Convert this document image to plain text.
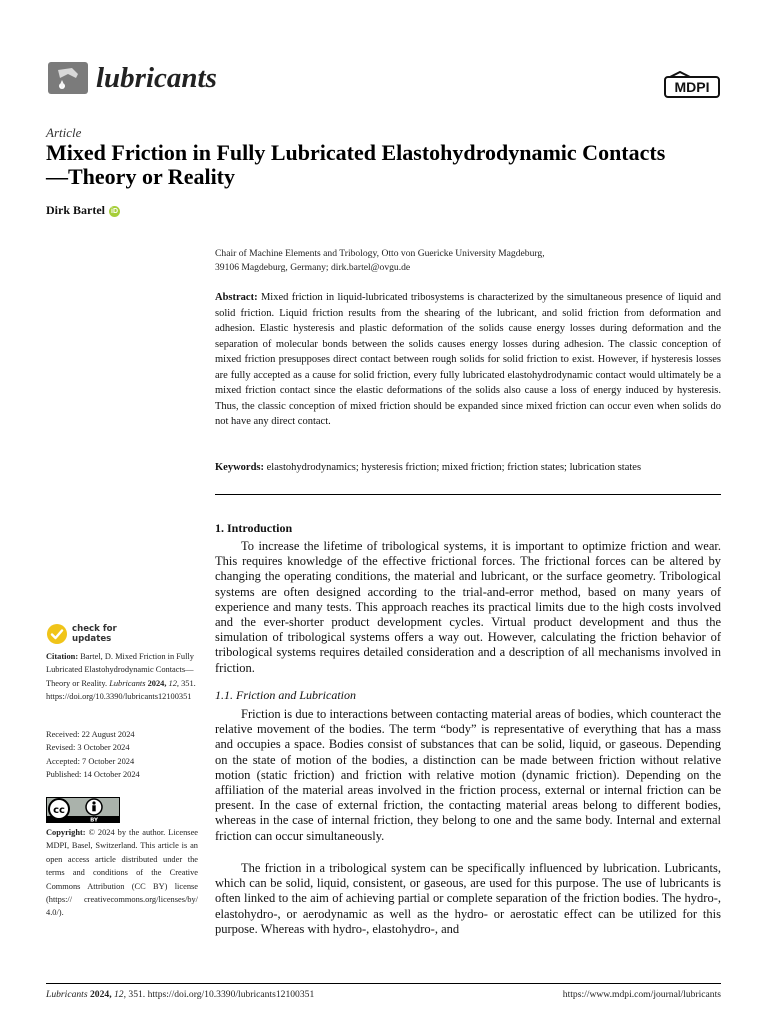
lubricants	MDPI
Article
Mixed Friction in Fully Lubricated Elastohydrodynamic Contacts—Theory or Reality
Dirk Bartel iD
Chair of Machine Elements and Tribology, Otto von Guericke University Magdeburg,
39106 Magdeburg, Germany; dirk.bartel@ovgu.de
Abstract: Mixed friction in liquid-lubricated tribosystems is characterized by the simultaneous presence of liquid and solid friction. Liquid friction results from the shearing of the lubricant, and solid friction from deformation and adhesion. Elastic hysteresis and plastic deformation of the solids cause energy losses during deformation and the separation of molecular bonds between the solids causes energy losses during adhesion. The classic conception of mixed friction presupposes direct contact between rough solids for solid friction to exist. However, if hysteresis losses are fully accepted as a cause for solid friction, every fully lubricated elastohydrodynamic contact would ultimately be a mixed friction contact since the elastic deformations of the solids also cause a loss of energy induced by hysteresis. Thus, the classic conception of mixed friction should be expanded since mixed friction can occur even when solids do not have any direct contact.
Keywords: elastohydrodynamics; hysteresis friction; mixed friction; friction states; lubrication states
1. Introduction

To increase the lifetime of tribological systems, it is important to optimize friction and wear. This requires knowledge of the effective frictional forces. The frictional forces can be altered by changing the operating conditions, the material and lubricant, or the surface geometry. Tribological systems are often designed according to the trial-and-error method, based on many years of experience and many tests. This approach reaches its practical limits due to the high costs involved and the ever-shorter product development cycles. Virtual product development and thus the simulation of tribological systems offers a way out. However, calculating the friction behavior of tribological systems requires detailed consideration and a description of all mechanisms involved in friction.

1.1. Friction and Lubrication

Friction is due to interactions between contacting material areas of bodies, which counteract the relative movement of the bodies. The term “body” is representative of everything that has a mass and occupies a space. Bodies consist of substances that can be solid, liquid, or gaseous. Depending on the state of motion of the bodies, a distinction can be made between friction without relative motion (static friction) and friction with relative motion (dynamic friction). Depending on the affiliation of the material areas involved in the friction process, external or internal friction can be present. In the case of external friction, the contacting material areas belong to different bodies, whereas in the case of internal friction, they belong to one and the same body. Internal and external friction can occur simultaneously.

The friction in a tribological system can be specifically influenced by lubrication. Lubricants, which can be solid, liquid, consistent, or gaseous, are used for this purpose. The use of lubricants is often linked to the aim of achieving partial or complete separation of the friction bodies. The hydro-, elastohydro-, or aerodynamic as well as the hydro- or aerostatic effect can be utilized for this purpose. Whereas with hydro-, elastohydro-, and

check for
updates
Citation: Bartel, D. Mixed Friction in Fully Lubricated Elastohydrodynamic Contacts—Theory or Reality. Lubricants 2024, 12, 351. https://doi.org/10.3390/lubricants12100351
Received: 22 August 2024
Revised: 3 October 2024
Accepted: 7 October 2024
Published: 14 October 2024
cc
BY
Copyright: © 2024 by the author. Licensee MDPI, Basel, Switzerland. This article is an open access article distributed under the terms and conditions of the Creative Commons Attribution (CC BY) license (https:// creativecommons.org/licenses/by/ 4.0/).
Lubricants 2024, 12, 351. https://doi.org/10.3390/lubricants12100351	https://www.mdpi.com/journal/lubricants
